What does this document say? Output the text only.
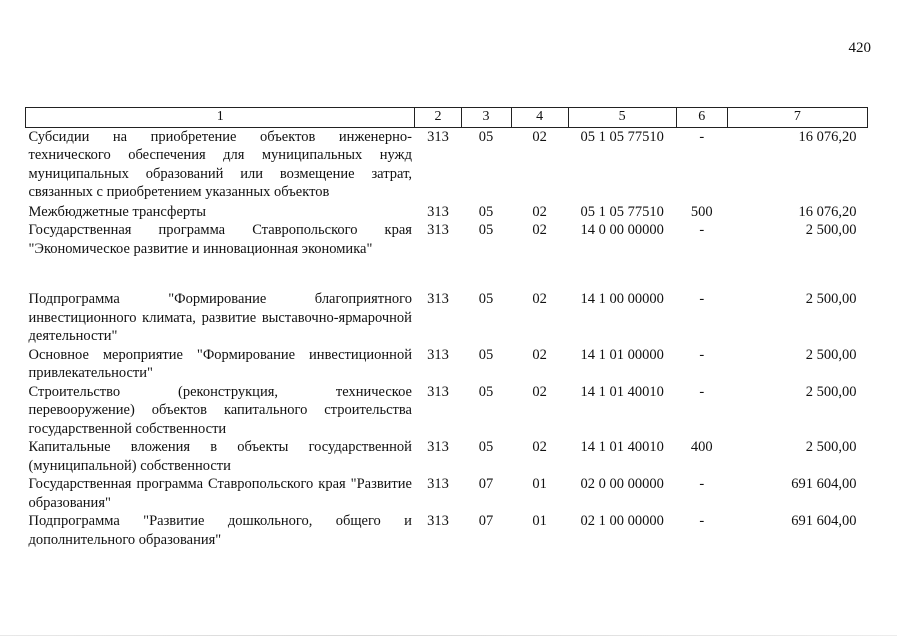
420
1	2	3	4	5	6	7
Субсидии на приобретение объектов инженерно-технического обеспечения для муниципальных нужд муниципальных образований или возмещение затрат, связанных с приобретением указанных объектов	313	05	02	05 1 05 77510	-	16 076,20
Межбюджетные трансферты	313	05	02	05 1 05 77510	500	16 076,20
Государственная программа Ставропольского края "Экономическое развитие и инновационная экономика"	313	05	02	14 0 00 00000	-	2 500,00
Подпрограмма "Формирование благоприятного инвестиционного климата, развитие выставочно-ярмарочной деятельности"	313	05	02	14 1 00 00000	-	2 500,00
Основное мероприятие "Формирование инвестиционной привлекательности"	313	05	02	14 1 01 00000	-	2 500,00
Строительство (реконструкция, техническое перевооружение) объектов капитального строительства государственной собственности	313	05	02	14 1 01 40010	-	2 500,00
Капитальные вложения в объекты государственной (муниципальной) собственности	313	05	02	14 1 01 40010	400	2 500,00
Государственная программа Ставропольского края "Развитие образования"	313	07	01	02 0 00 00000	-	691 604,00
Подпрограмма "Развитие дошкольного, общего и дополнительного образования"	313	07	01	02 1 00 00000	-	691 604,00
